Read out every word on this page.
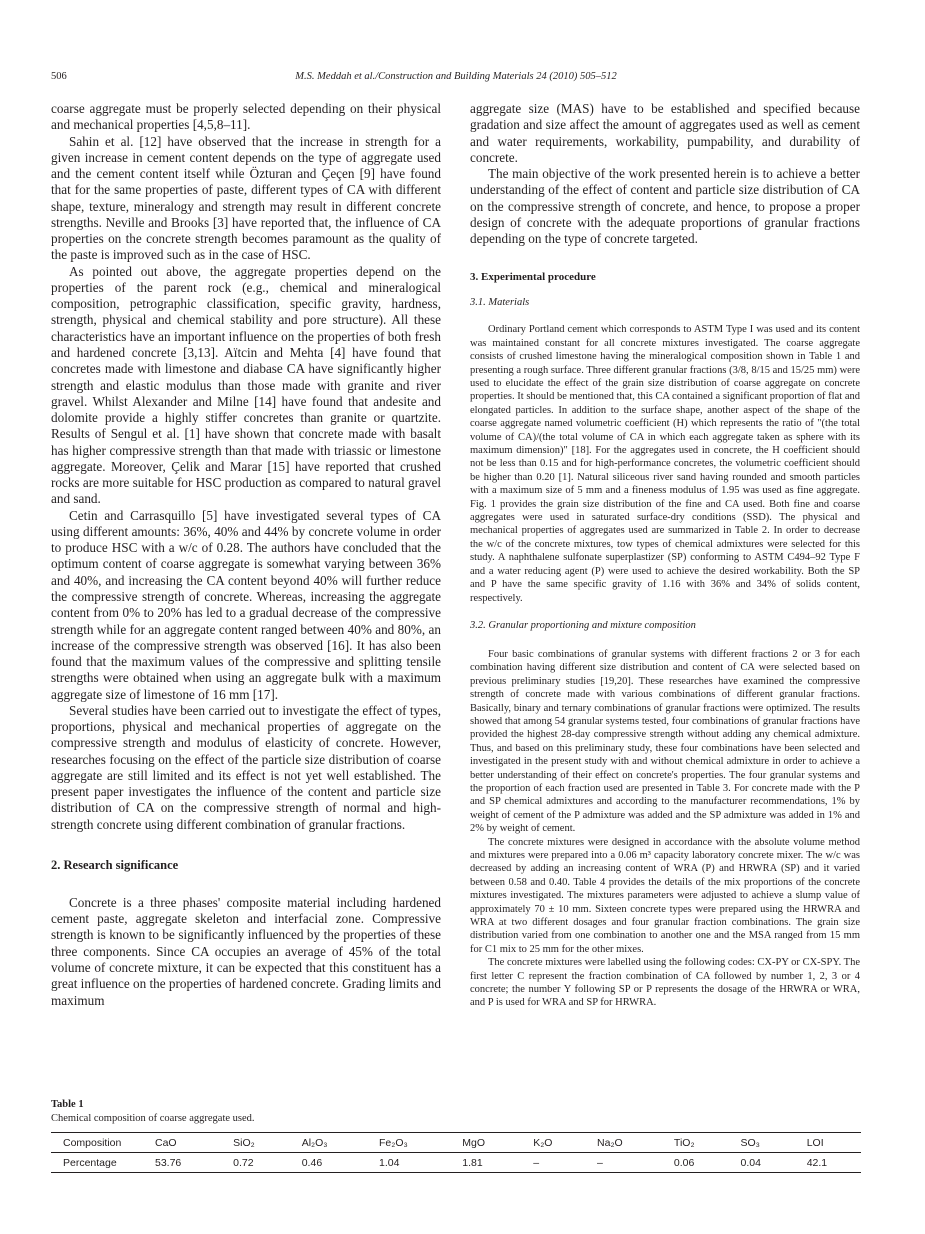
506	M.S. Meddah et al./Construction and Building Materials 24 (2010) 505–512

coarse aggregate must be properly selected depending on their physical and mechanical properties [4,5,8–11].

Sahin et al. [12] have observed that the increase in strength for a given increase in cement content depends on the type of aggregate used and the cement content itself while Özturan and Çeçen [9] have found that for the same properties of paste, different types of CA with different shape, texture, mineralogy and strength may result in different concrete strengths. Neville and Brooks [3] have reported that, the influence of CA properties on the concrete strength becomes paramount as the quality of the paste is improved such as in the case of HSC.

As pointed out above, the aggregate properties depend on the properties of the parent rock (e.g., chemical and mineralogical composition, petrographic classification, specific gravity, hardness, strength, physical and chemical stability and pore structure). All these characteristics have an important influence on the properties of both fresh and hardened concrete [3,13]. Aïtcin and Mehta [4] have found that concretes made with limestone and diabase CA have significantly higher strength and elastic modulus than those made with granite and river gravel. Whilst Alexander and Milne [14] have found that andesite and dolomite provide a highly stiffer concretes than granite or quartzite. Results of Sengul et al. [1] have shown that concrete made with basalt has higher compressive strength than that made with triassic or limestone aggregate. Moreover, Çelik and Marar [15] have reported that crushed rocks are more suitable for HSC production as compared to natural gravel and sand.

Cetin and Carrasquillo [5] have investigated several types of CA using different amounts: 36%, 40% and 44% by concrete volume in order to produce HSC with a w/c of 0.28. The authors have concluded that the optimum content of coarse aggregate is somewhat varying between 36% and 40%, and increasing the CA content beyond 40% will further reduce the compressive strength of concrete. Whereas, increasing the aggregate content from 0% to 20% has led to a gradual decrease of the compressive strength while for an aggregate content ranged between 40% and 80%, an increase of the compressive strength was observed [16]. It has also been found that the maximum values of the compressive and splitting tensile strengths were obtained when using an aggregate bulk with a maximum aggregate size of limestone of 16 mm [17].

Several studies have been carried out to investigate the effect of types, proportions, physical and mechanical properties of aggregate on the compressive strength and modulus of elasticity of concrete. However, researches focusing on the effect of the particle size distribution of coarse aggregate are still limited and its effect is not yet well established. The present paper investigates the influence of the content and particle size distribution of CA on the compressive strength of normal and high-strength concrete using different combination of granular fractions.

2. Research significance

Concrete is a three phases' composite material including hardened cement paste, aggregate skeleton and interfacial zone. Compressive strength is known to be significantly influenced by the properties of these three components. Since CA occupies an average of 45% of the total volume of concrete mixture, it can be expected that this constituent has a great influence on the properties of hardened concrete. Grading limits and maximum

aggregate size (MAS) have to be established and specified because gradation and size affect the amount of aggregates used as well as cement and water requirements, workability, pumpability, and durability of concrete.

The main objective of the work presented herein is to achieve a better understanding of the effect of content and particle size distribution of CA on the compressive strength of concrete, and hence, to propose a proper design of concrete with the adequate proportions of granular fractions depending on the type of concrete targeted.

3. Experimental procedure
3.1. Materials

Ordinary Portland cement which corresponds to ASTM Type I was used and its content was maintained constant for all concrete mixtures investigated. The coarse aggregate consists of crushed limestone having the mineralogical composition shown in Table 1 and presenting a rough surface. Three different granular fractions (3/8, 8/15 and 15/25 mm) were used to elucidate the effect of the grain size distribution of coarse aggregate on concrete properties. It should be mentioned that, this CA contained a significant proportion of flat and elongated particles. In addition to the surface shape, another aspect of the shape of the coarse aggregate named volumetric coefficient (H) which represents the ratio of "(the total volume of CA)/(the total volume of CA in which each aggregate taken as sphere with its maximum dimension)" [18]. For the aggregates used in concrete, the H coefficient should not be less than 0.15 and for high-performance concretes, the volumetric coefficient should be higher than 0.20 [1]. Natural siliceous river sand having rounded and smooth particles with a maximum size of 5 mm and a fineness modulus of 1.95 was used as fine aggregate. Fig. 1 provides the grain size distribution of the fine and CA used. Both fine and coarse aggregates were used in saturated surface-dry conditions (SSD). The physical and mechanical properties of aggregates used are summarized in Table 2. In order to decrease the w/c of the concrete mixtures, tow types of chemical admixtures were selected for this study. A naphthalene sulfonate superplastizer (SP) conforming to ASTM C494–92 Type F and a water reducing agent (P) were used to achieve the desired workability. Both the SP and P have the same specific gravity of 1.16 with 36% and 34% of solids content, respectively.

3.2. Granular proportioning and mixture composition

Four basic combinations of granular systems with different fractions 2 or 3 for each combination having different size distribution and content of CA were selected based on previous preliminary studies [19,20]. These researches have examined the compressive strength of concrete made with various combinations of different granular fractions. Basically, binary and ternary combinations of granular fractions were optimized. The results showed that among 54 granular systems tested, four combinations of granular fractions have provided the highest 28-day compressive strength without adding any chemical admixture. Thus, and based on this preliminary study, these four combinations have been selected and investigated in the present study with and without chemical admixture in order to achieve a better understanding of their effect on concrete's properties. The four granular systems and the proportion of each fraction used are presented in Table 3. For concrete made with the P and SP chemical admixtures and according to the manufacturer recommendations, 1% by weight of cement of the P admixture was added and the SP admixture was added in 1% and 2% by weight of cement.

The concrete mixtures were designed in accordance with the absolute volume method and mixtures were prepared into a 0.06 m³ capacity laboratory concrete mixer. The w/c was decreased by adding an increasing content of WRA (P) and HRWRA (SP) and it varied between 0.58 and 0.40. Table 4 provides the details of the mix proportions of the concrete mixtures investigated. The mixtures parameters were adjusted to achieve a slump value of approximately 70 ± 10 mm. Sixteen concrete types were prepared using the HRWRA and WRA at two different dosages and four granular fraction combinations. The grain size distribution varied from one combination to another one and the MSA ranged from 15 mm for C1 mix to 25 mm for the other mixes.

The concrete mixtures were labelled using the following codes: CX-PY or CX-SPY. The first letter C represent the fraction combination of CA followed by number 1, 2, 3 or 4 concrete; the number Y following SP or P represents the dosage of the HRWRA or WRA, and P is used for WRA and SP for HRWRA.

Table 1
Chemical composition of coarse aggregate used.
Composition	CaO	SiO₂	Al₂O₃	Fe₂O₃	MgO	K₂O	Na₂O	TiO₂	SO₃	LOI
Percentage	53.76	0.72	0.46	1.04	1.81	–	–	0.06	0.04	42.1
